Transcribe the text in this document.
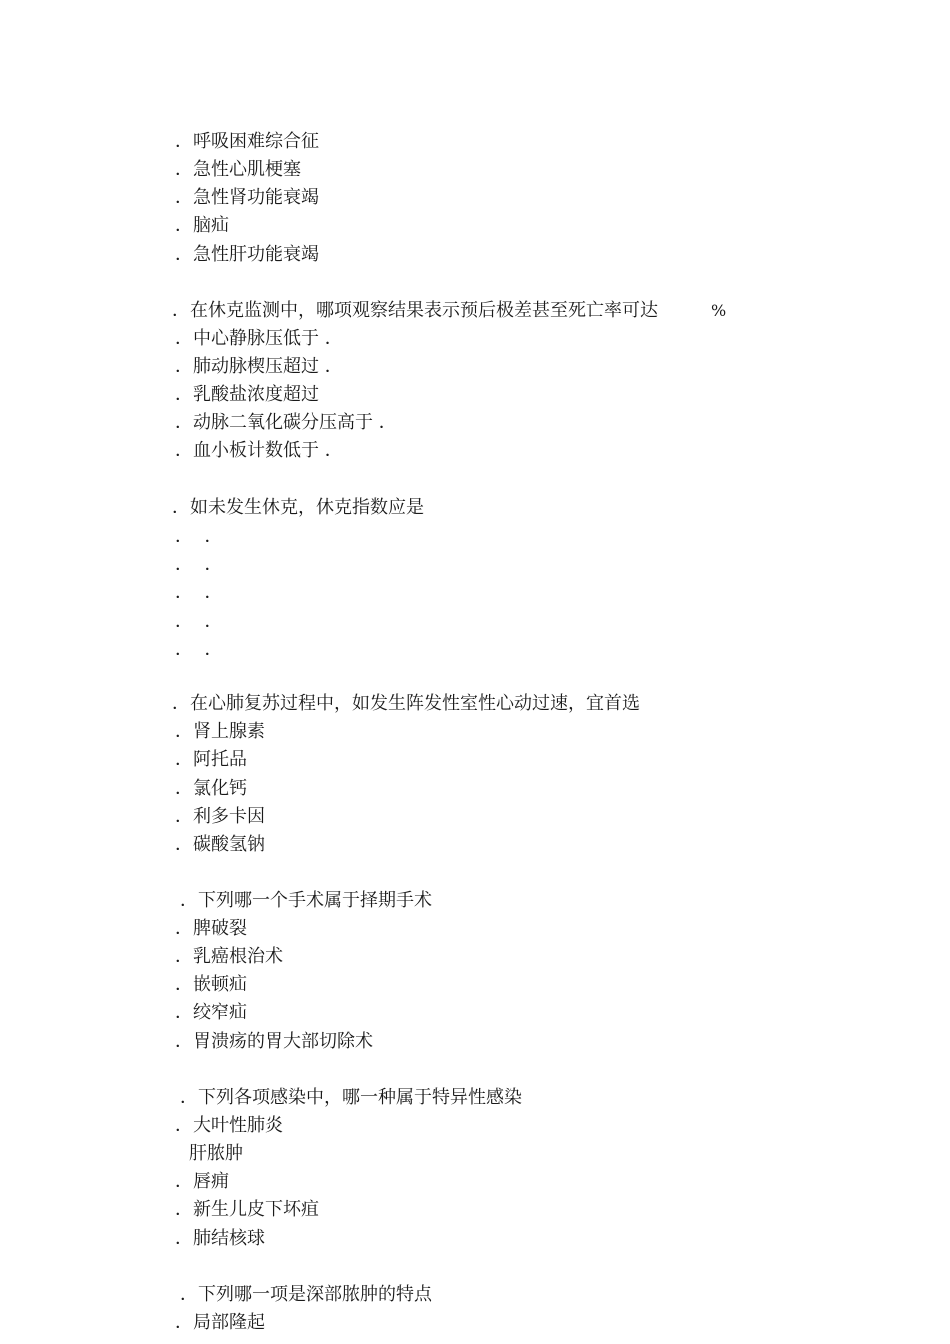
．呼吸困难综合征
．急性心肌梗塞
．急性肾功能衰竭
．脑疝
．急性肝功能衰竭
．在休克监测中，哪项观察结果表示预后极差甚至死亡率可达	%
．中心静脉压低于 ．
．肺动脉楔压超过 ．
．乳酸盐浓度超过
．动脉二氧化碳分压高于 ．
．血小板计数低于 ．
．如未发生休克，休克指数应是
．  ．
．  ．
．  ．
．  ．
．  ．
．在心肺复苏过程中，如发生阵发性室性心动过速，宜首选
．肾上腺素
．阿托品
．氯化钙
．利多卡因
．碳酸氢钠
．下列哪一个手术属于择期手术
．脾破裂
．乳癌根治术
．嵌顿疝
．绞窄疝
．胃溃疡的胃大部切除术
．下列各项感染中，哪一种属于特异性感染
．大叶性肺炎
肝脓肿
．唇痈
．新生儿皮下坏疽
．肺结核球
．下列哪一项是深部脓肿的特点
．局部隆起
